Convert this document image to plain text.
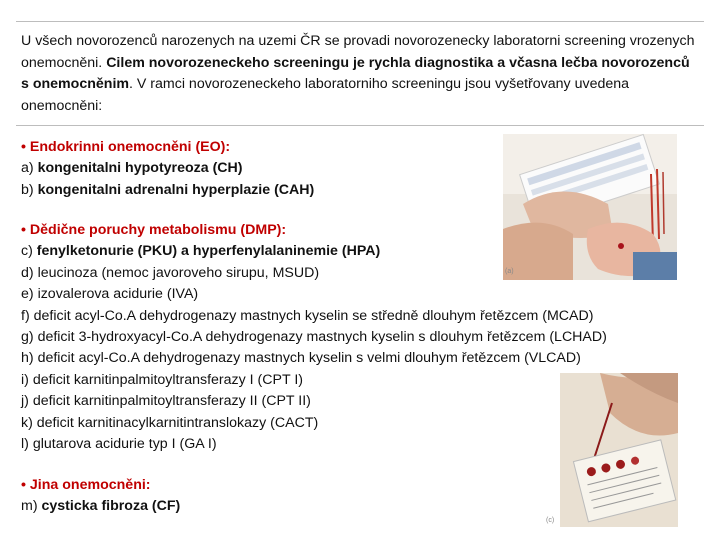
U všech novorozenců narozenych na uzemi ČR se provadi novorozenecky laboratorni screening vrozenych onemocněni. Cilem novorozeneckeho screeningu je rychla diagnostika a včasna lečba novorozenců s onemocněnim. V ramci novorozeneckeho laboratorniho screeningu jsou vyšetřovany uvedena onemocněni:
(a)
(c)
• Endokrinni onemocněni (EO):
a) kongenitalni hypotyreoza (CH)
b) kongenitalni adrenalni hyperplazie (CAH)
• Dědične poruchy metabolismu (DMP):
c) fenylketonurie (PKU) a hyperfenylalaninemie (HPA)
d) leucinoza (nemoc javoroveho sirupu, MSUD)
e) izovalerova acidurie (IVA)
f) deficit acyl-Co.A dehydrogenazy mastnych kyselin se středně dlouhym řetězcem (MCAD)
g) deficit 3-hydroxyacyl-Co.A dehydrogenazy mastnych kyselin s dlouhym řetězcem (LCHAD)
h) deficit acyl-Co.A dehydrogenazy mastnych kyselin s velmi dlouhym řetězcem (VLCAD)
i) deficit karnitinpalmitoyltransferazy I (CPT I)
j) deficit karnitinpalmitoyltransferazy II (CPT II)
k) deficit karnitinacylkarnitintranslokazy (CACT)
l) glutarova acidurie typ I (GA I)
• Jina onemocněni:
m) cysticka fibroza (CF)
